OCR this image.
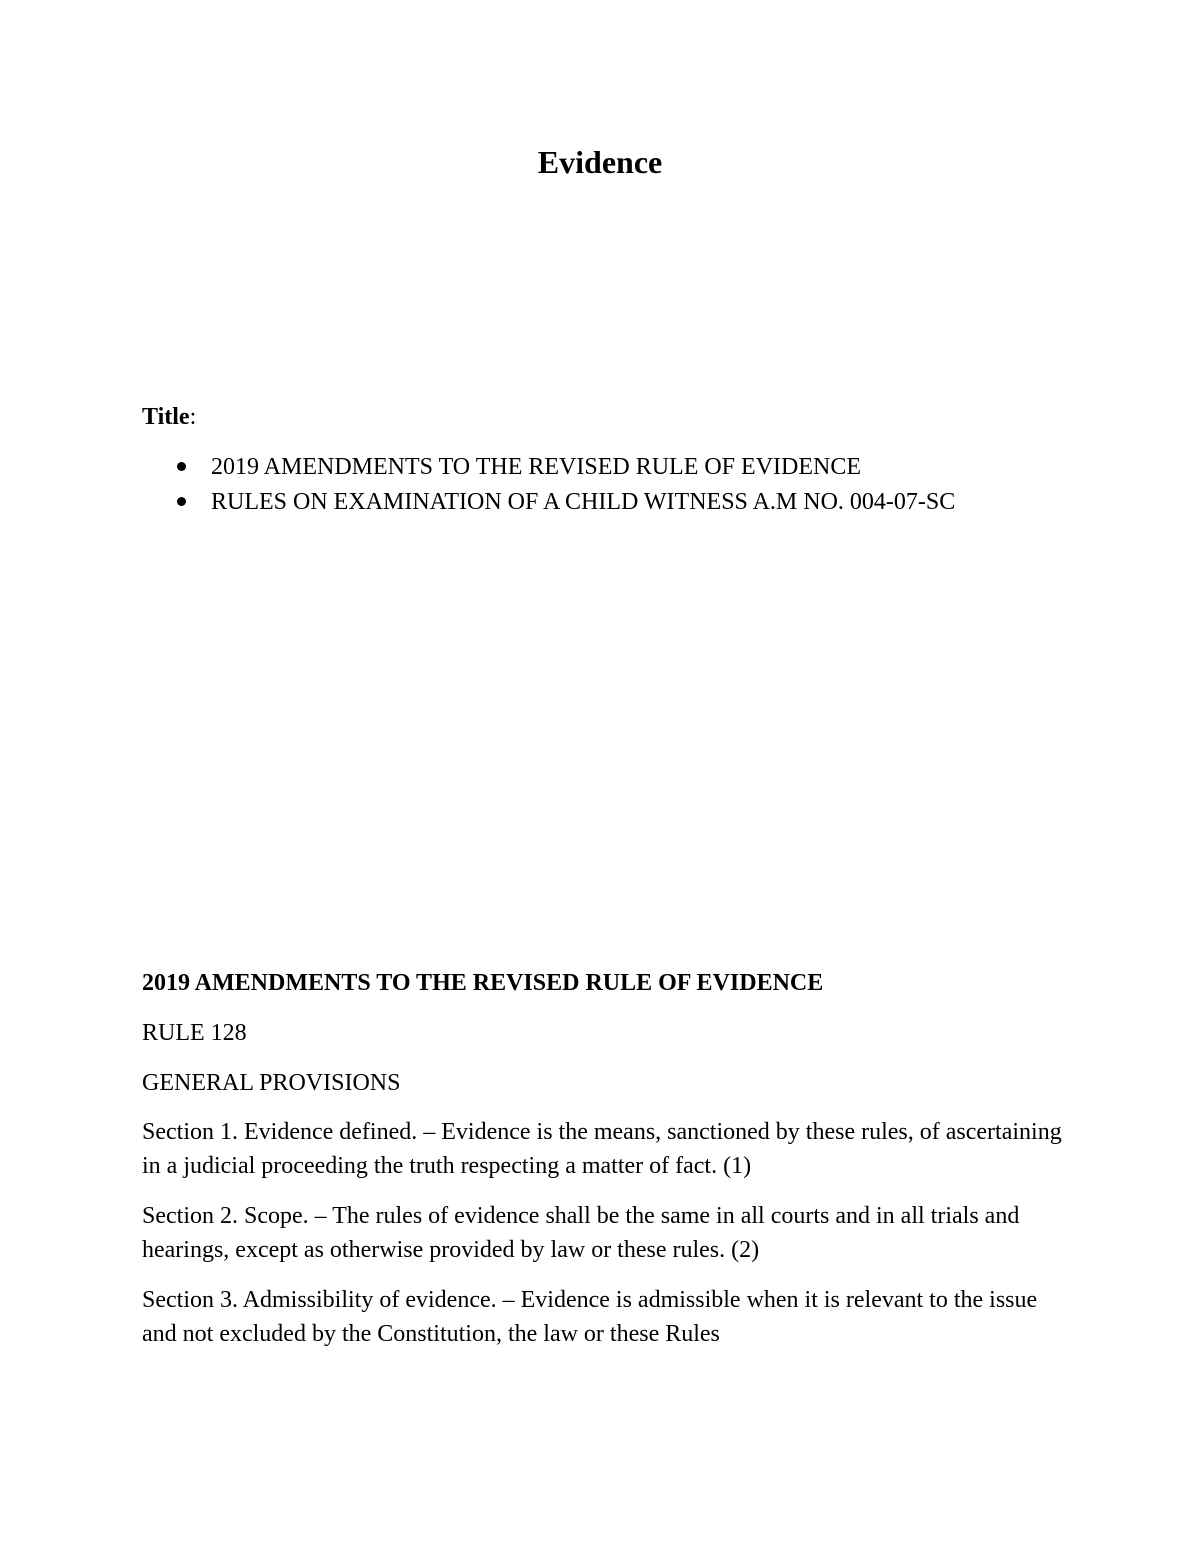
Evidence

Title:

2019 AMENDMENTS TO THE REVISED RULE OF EVIDENCE
RULES ON EXAMINATION OF A CHILD WITNESS A.M NO. 004-07-SC

2019 AMENDMENTS TO THE REVISED RULE OF EVIDENCE

RULE 128

GENERAL PROVISIONS

Section 1. Evidence defined. – Evidence is the means, sanctioned by these rules, of ascertaining in a judicial proceeding the truth respecting a matter of fact. (1)

Section 2. Scope. – The rules of evidence shall be the same in all courts and in all trials and hearings, except as otherwise provided by law or these rules. (2)

Section 3. Admissibility of evidence. – Evidence is admissible when it is relevant to the issue and not excluded by the Constitution, the law or these Rules
